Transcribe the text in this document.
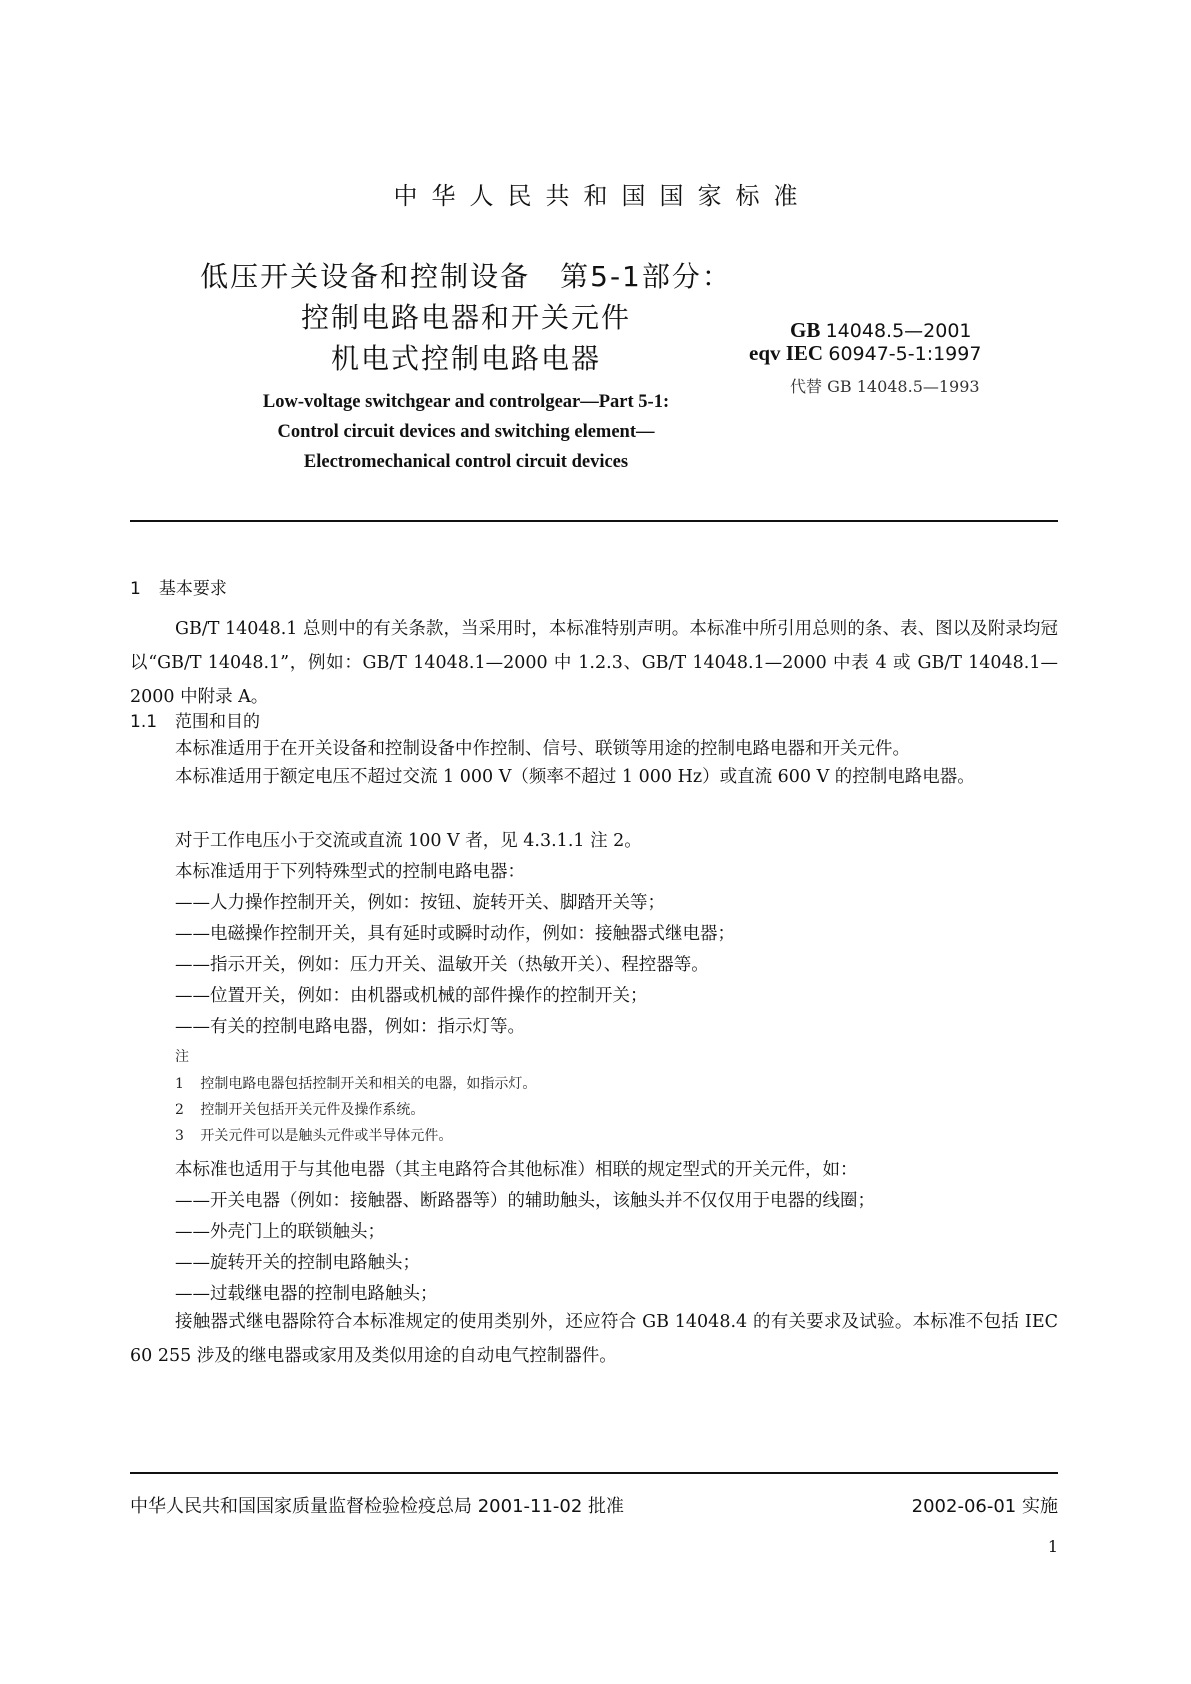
中华人民共和国国家标准
低压开关设备和控制设备　第5-1部分：
控制电路电器和开关元件
机电式控制电路电器
GB 14048.5—2001
eqv IEC 60947-5-1:1997
代替 GB 14048.5—1993
Low-voltage switchgear and controlgear—Part 5-1:
Control circuit devices and switching element—
Electromechanical control circuit devices
1 基本要求
GB/T 14048.1 总则中的有关条款，当采用时，本标准特别声明。本标准中所引用总则的条、表、图以及附录均冠以“GB/T 14048.1”，例如：GB/T 14048.1—2000 中 1.2.3、GB/T 14048.1—2000 中表 4 或 GB/T 14048.1—2000 中附录 A。
1.1 范围和目的
本标准适用于在开关设备和控制设备中作控制、信号、联锁等用途的控制电路电器和开关元件。
本标准适用于额定电压不超过交流 1 000 V（频率不超过 1 000 Hz）或直流 600 V 的控制电路电器。
对于工作电压小于交流或直流 100 V 者，见 4.3.1.1 注 2。
本标准适用于下列特殊型式的控制电路电器：
——人力操作控制开关，例如：按钮、旋转开关、脚踏开关等；
——电磁操作控制开关，具有延时或瞬时动作，例如：接触器式继电器；
——指示开关，例如：压力开关、温敏开关（热敏开关）、程控器等。
——位置开关，例如：由机器或机械的部件操作的控制开关；
——有关的控制电路电器，例如：指示灯等。
注
1 控制电路电器包括控制开关和相关的电器，如指示灯。
2 控制开关包括开关元件及操作系统。
3 开关元件可以是触头元件或半导体元件。
本标准也适用于与其他电器（其主电路符合其他标准）相联的规定型式的开关元件，如：
——开关电器（例如：接触器、断路器等）的辅助触头，该触头并不仅仅用于电器的线圈；
——外壳门上的联锁触头；
——旋转开关的控制电路触头；
——过载继电器的控制电路触头；
接触器式继电器除符合本标准规定的使用类别外，还应符合 GB 14048.4 的有关要求及试验。本标准不包括 IEC 60 255 涉及的继电器或家用及类似用途的自动电气控制器件。
中华人民共和国国家质量监督检验检疫总局 2001-11-02 批准	2002-06-01 实施
1
